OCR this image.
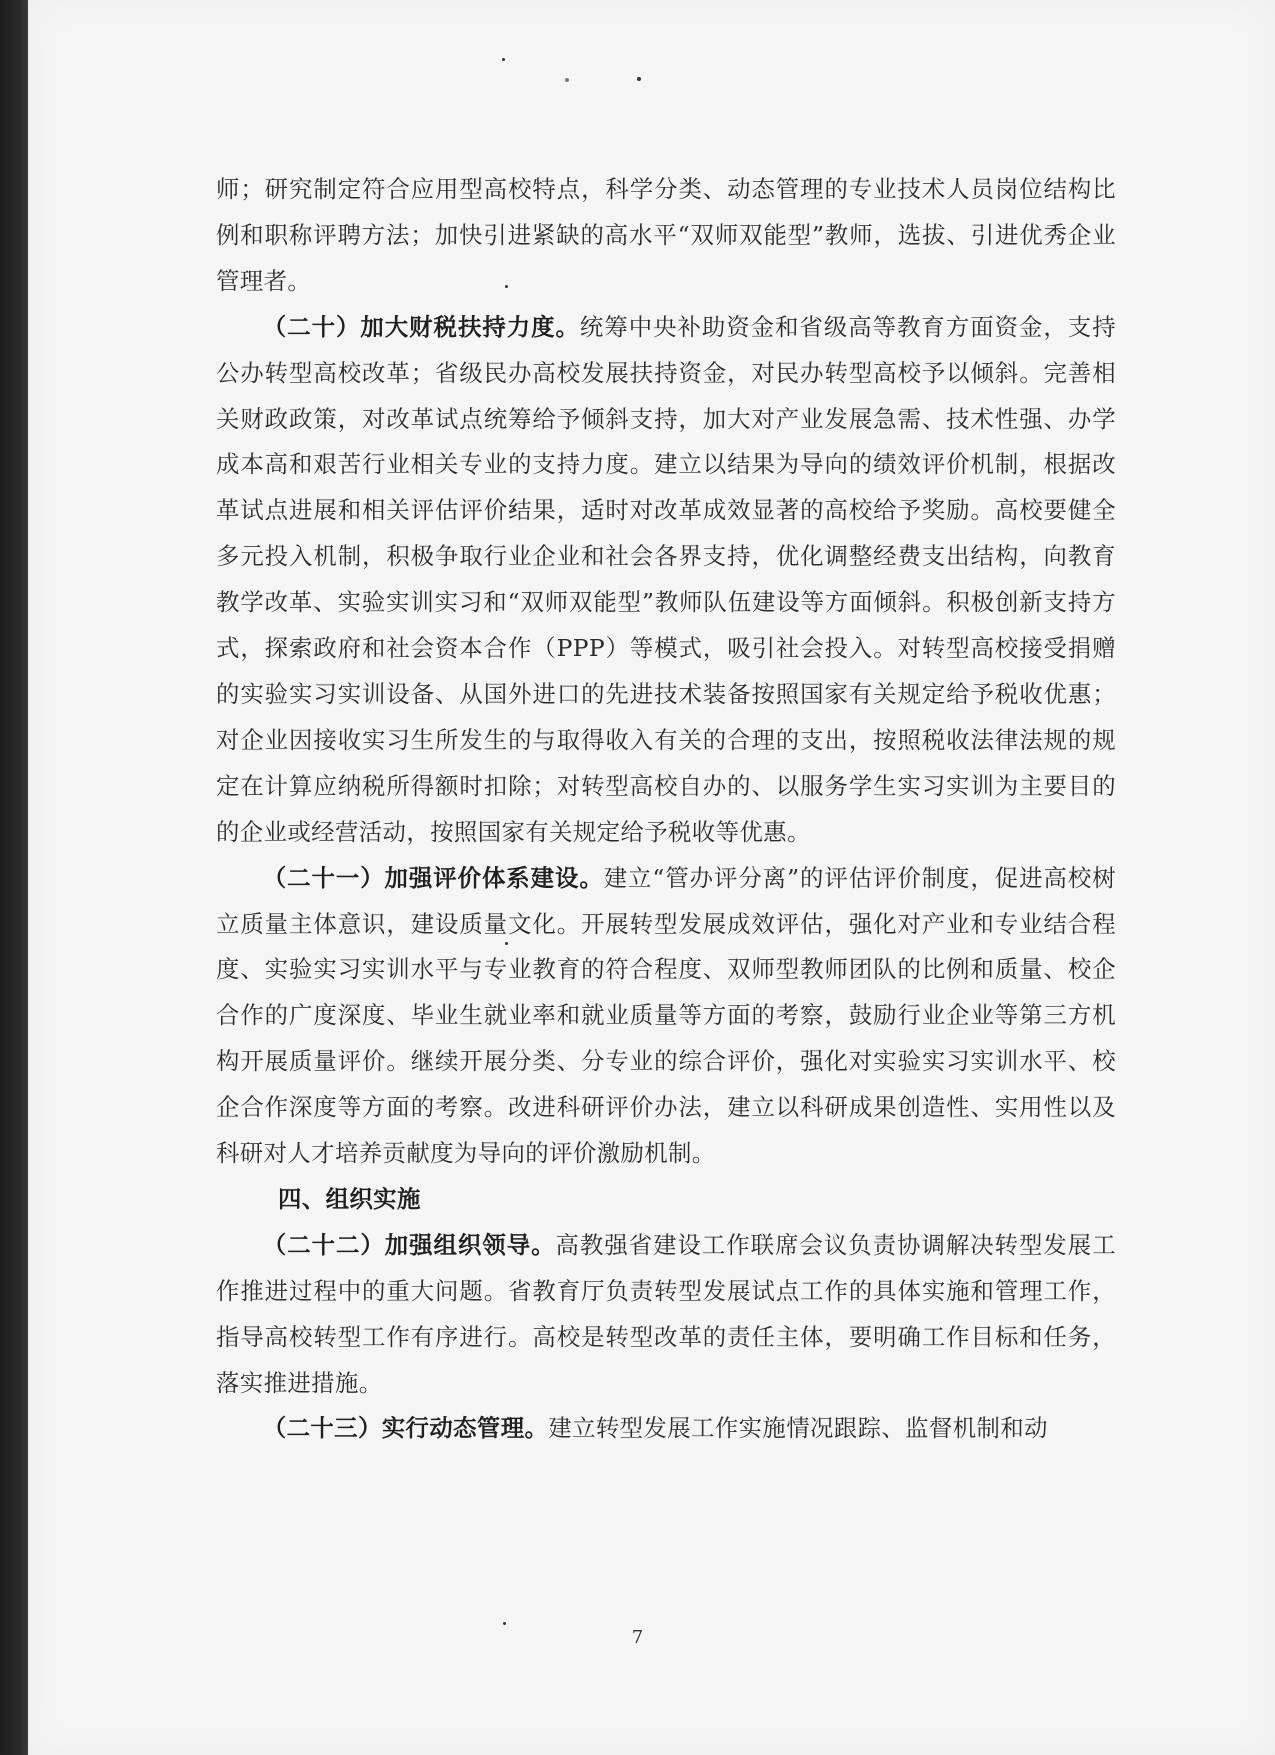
师；研究制定符合应用型高校特点，科学分类、动态管理的专业技术人员岗位结构比例和职称评聘方法；加快引进紧缺的高水平“双师双能型”教师，选拔、引进优秀企业管理者。

（二十）加大财税扶持力度。统筹中央补助资金和省级高等教育方面资金，支持公办转型高校改革；省级民办高校发展扶持资金，对民办转型高校予以倾斜。完善相关财政政策，对改革试点统筹给予倾斜支持，加大对产业发展急需、技术性强、办学成本高和艰苦行业相关专业的支持力度。建立以结果为导向的绩效评价机制，根据改革试点进展和相关评估评价结果，适时对改革成效显著的高校给予奖励。高校要健全多元投入机制，积极争取行业企业和社会各界支持，优化调整经费支出结构，向教育教学改革、实验实训实习和“双师双能型”教师队伍建设等方面倾斜。积极创新支持方式，探索政府和社会资本合作（PPP）等模式，吸引社会投入。对转型高校接受捐赠的实验实习实训设备、从国外进口的先进技术装备按照国家有关规定给予税收优惠；对企业因接收实习生所发生的与取得收入有关的合理的支出，按照税收法律法规的规定在计算应纳税所得额时扣除；对转型高校自办的、以服务学生实习实训为主要目的的企业或经营活动，按照国家有关规定给予税收等优惠。

（二十一）加强评价体系建设。建立“管办评分离”的评估评价制度，促进高校树立质量主体意识，建设质量文化。开展转型发展成效评估，强化对产业和专业结合程度、实验实习实训水平与专业教育的符合程度、双师型教师团队的比例和质量、校企合作的广度深度、毕业生就业率和就业质量等方面的考察，鼓励行业企业等第三方机构开展质量评价。继续开展分类、分专业的综合评价，强化对实验实习实训水平、校企合作深度等方面的考察。改进科研评价办法，建立以科研成果创造性、实用性以及科研对人才培养贡献度为导向的评价激励机制。

四、组织实施

（二十二）加强组织领导。高教强省建设工作联席会议负责协调解决转型发展工作推进过程中的重大问题。省教育厅负责转型发展试点工作的具体实施和管理工作，指导高校转型工作有序进行。高校是转型改革的责任主体，要明确工作目标和任务，落实推进措施。

（二十三）实行动态管理。建立转型发展工作实施情况跟踪、监督机制和动

7
